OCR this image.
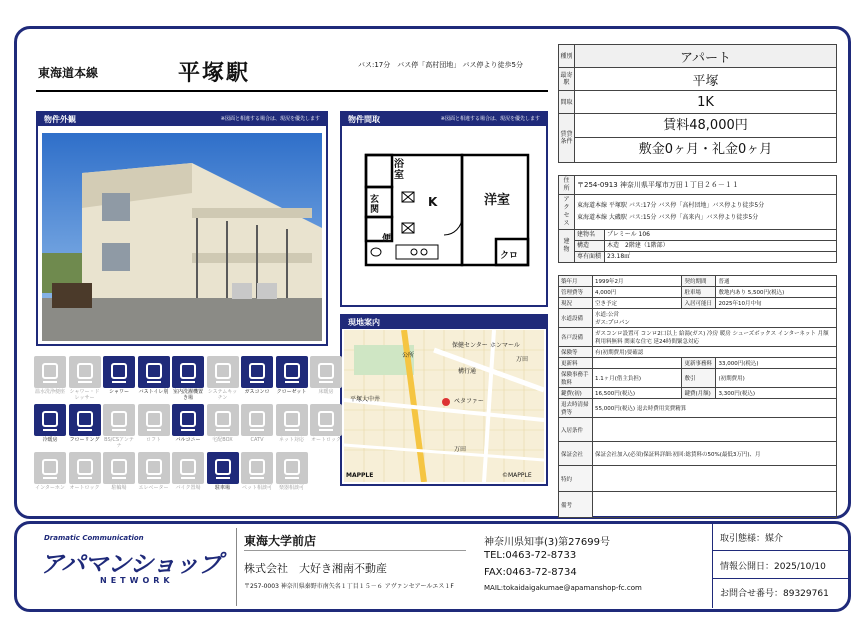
東海道本線	平塚駅	バス:17分　バス停「高村団地」 バス停より徒歩5分
物件外観	※図面と相違する場合は、現況を優先します	物件間取	※図面と相違する場合は、現況を優先します
浴室
K	洋室
玄関
便
クロ
現地案内
公所
保健センター ホンマール
万田
構行通
平塚大中井
万田
ぺタファー
MAPPLE	©MAPPLE
温水洗浄便座 シャワー・ドレッサー
シャワー	バストイレ別 室内洗濯機置き場
システムキッチン
ガスコンロ	クローゼット	床暖房
冷暖房	フローリング BS/CSアンテナ
ロフト	バルコニー	宅配BOX	CATV	ネット対応	オートロック
インターホン オートロック	駐輪場	エレベーター	バイク置場	駐車場	ペット相談可	楽器相談可
種別	アパート
最寄駅	平塚
間取	1K
賃貸条件	賃料48,000円
敷金0ヶ月・礼金0ヶ月
住所	〒254-0913 神奈川県平塚市万田１丁目２６－１１	
アクセス	東海道本線 平塚駅 バス:17分 バス停「高村団地」バス停より徒歩5分
東海道本線 大磯駅 バス:15分 バス停「高来内」バス停より徒歩5分	

建物	建物名	プレミール 106
	構造	木造　2階建（1階部）
	専有面積	23.18㎡
築年月	1999年2月	契約期間	普通
管理費等	4,000円	駐車場	敷地内あり 5,500円(税込)
現況	空き予定	入居可能日	2025年10月中旬
水道設備	水道:公営
ガス:プロパン		

各戸設備	ガスコンロ設置可 コンロ2口以上 給湯(ガス) 冷房 暖房 シューズボックス インターネット 月額利用料無料 関東な住宅 延24時間緊急対応		
保険等	有(初期費用)要確認		
更新料		更新事務料	33,000円(税込)
保険事務手数料	1.1ヶ月(借主負担)	敷引	(初期費用)
鍵費(初)	16,500円(税込)	鍵費(月額)	3,300円(税込)
退去時清掃費等	55,000円(税込) 退去時費用実費精算		
入居条件			
保証会社	保証会社加入(必須)保証料詳細:初回:総賃料の50%(最低3万円)、月		
特約			
備考			
Dramatic Communication
アパマンショップ
NETWORK
東海大学前店
株式会社　大好き湘南不動産
〒257-0003 神奈川県秦野市南矢名１丁目１５－６ アヴァンセアールエス１F
神奈川県知事(3)第27699号
TEL:0463-72-8733
FAX:0463-72-8734
MAIL:tokaidaigakumae@apamanshop-fc.com
取引態様：媒介
情報公開日：2025/10/10
お問合せ番号：89329761
